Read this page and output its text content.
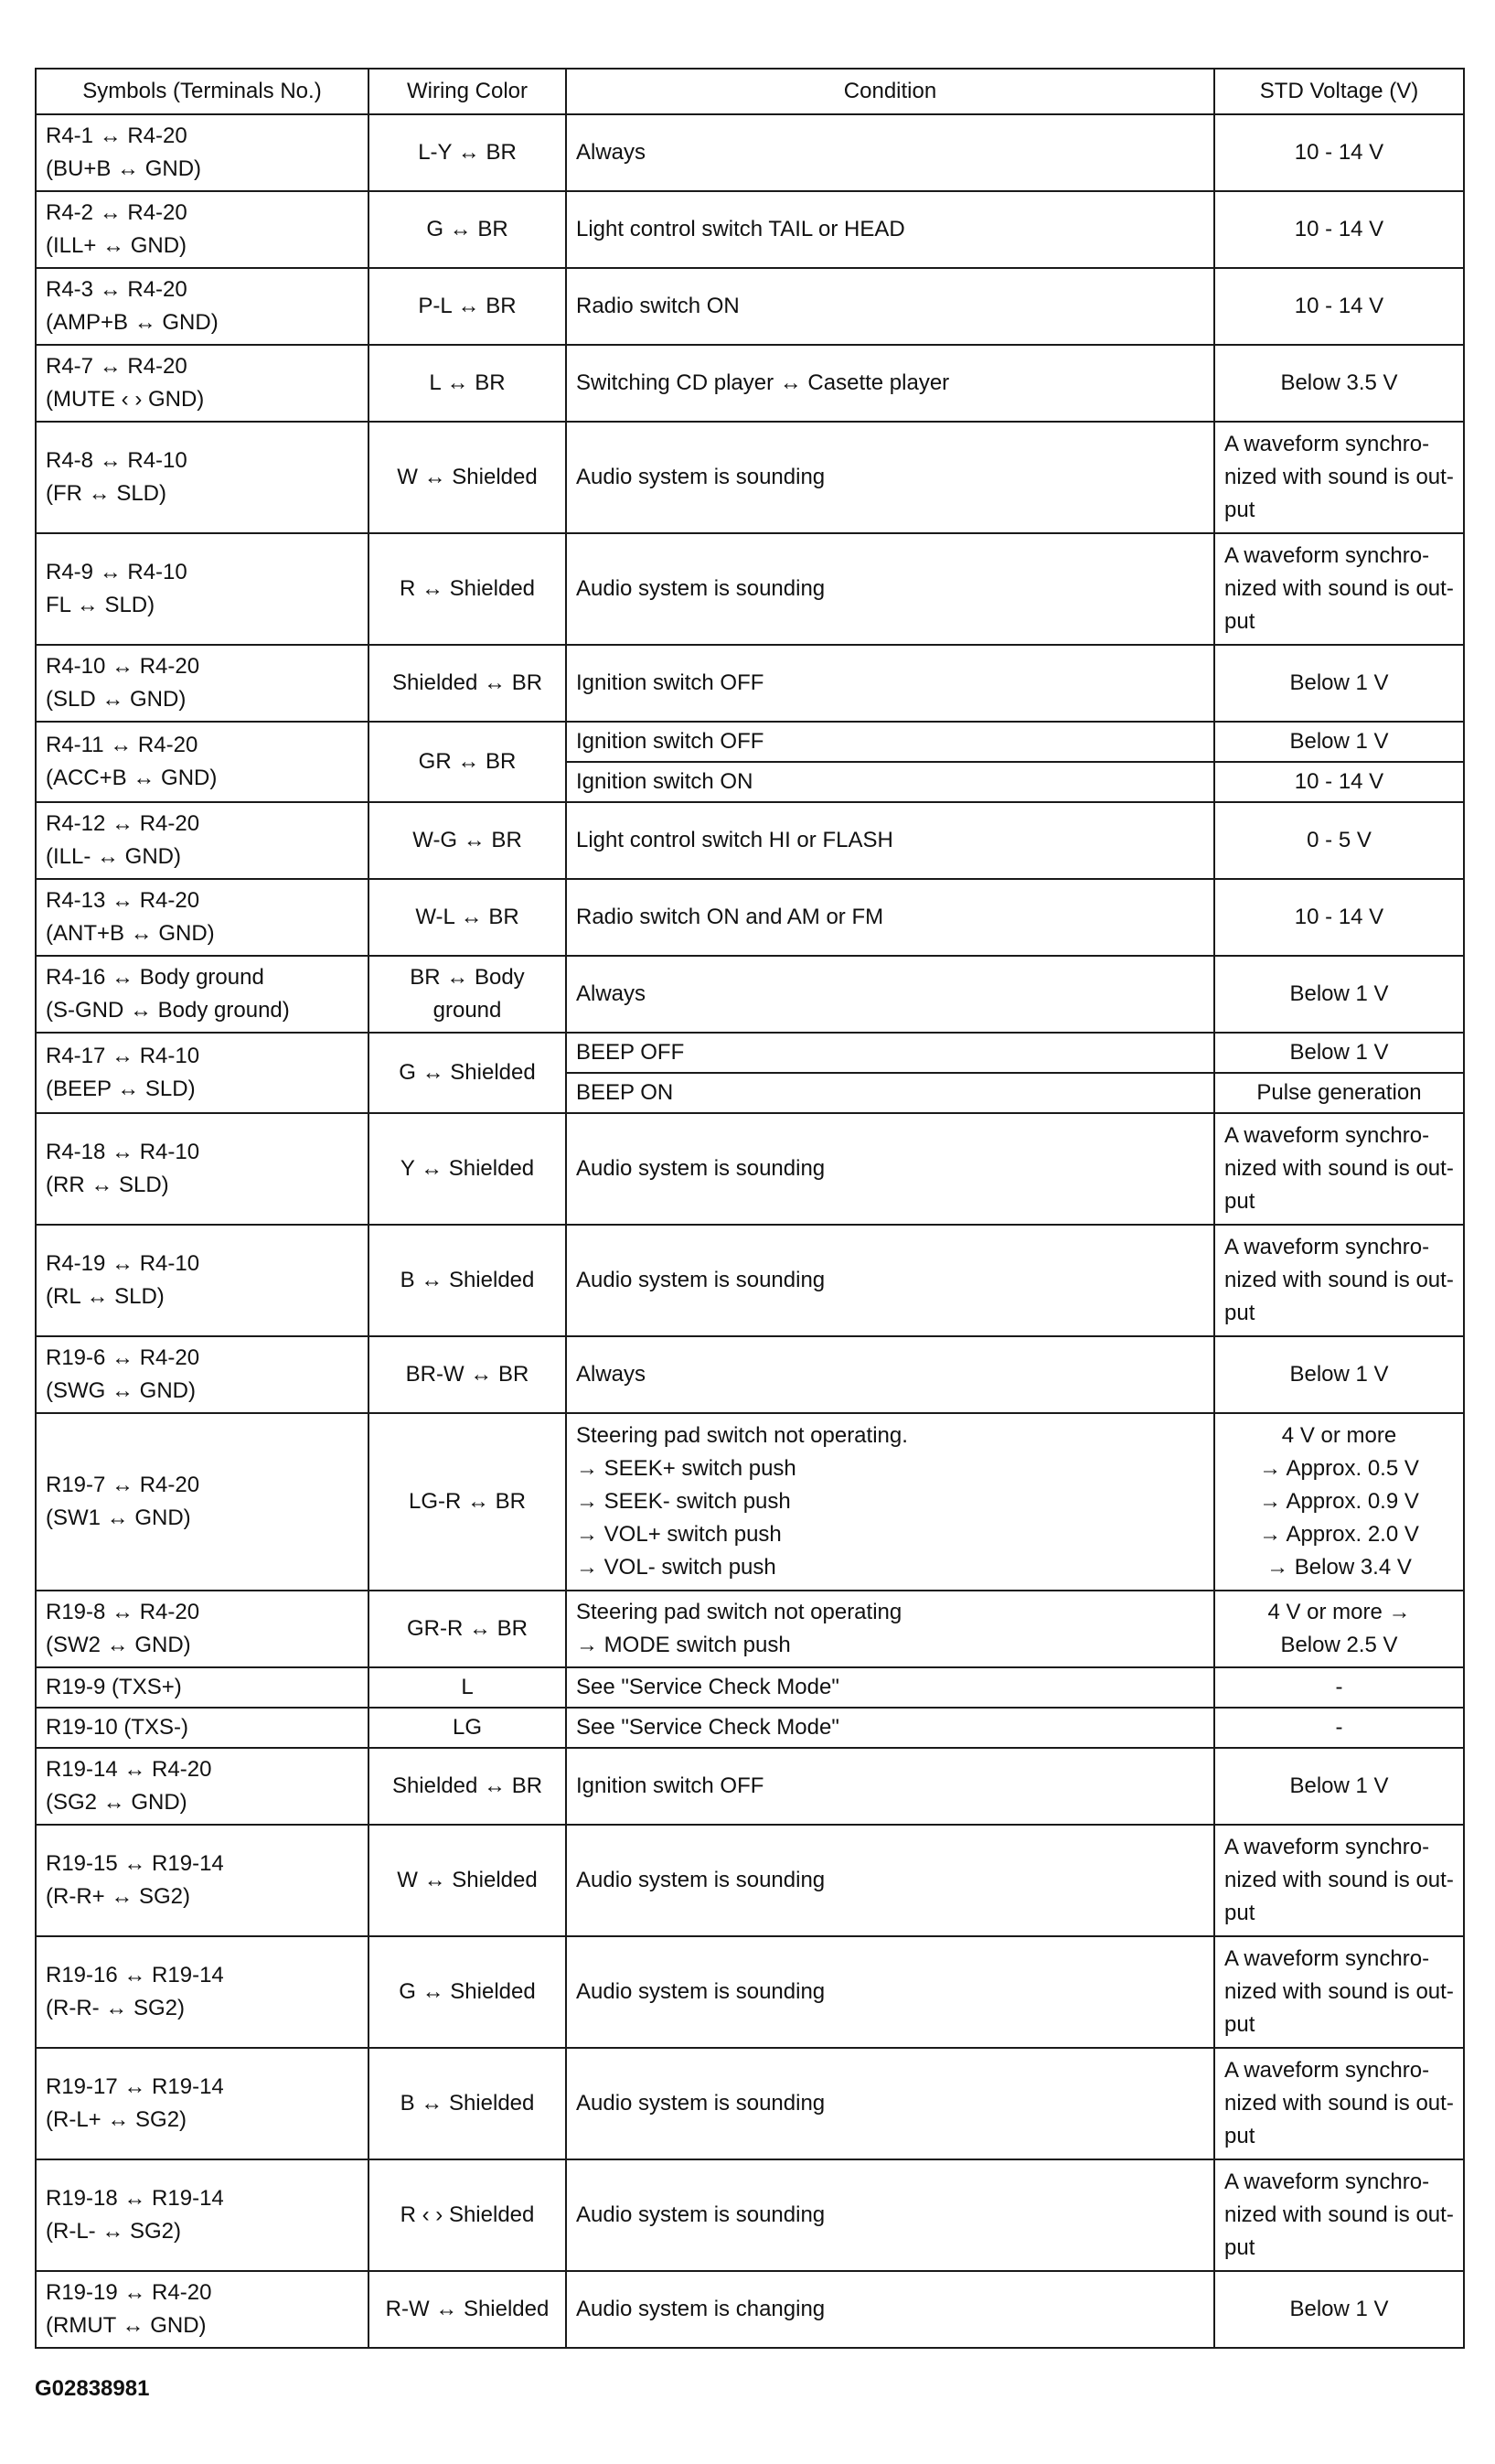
Symbols (Terminals No.)	Wiring Color	Condition	STD Voltage (V)

R4-1 ↔ R4-20
(BU+B ↔ GND)	L-Y ↔ BR	Always	10 - 14 V

R4-2 ↔ R4-20
(ILL+ ↔ GND)	G ↔ BR	Light control switch TAIL or HEAD	10 - 14 V

R4-3 ↔ R4-20
(AMP+B ↔ GND)	P-L ↔ BR	Radio switch ON	10 - 14 V

R4-7 ↔ R4-20
(MUTE ‹ › GND)	L ↔ BR	Switching CD player ↔ Casette player	Below 3.5 V

R4-8 ↔ R4-10
(FR ↔ SLD)	W ↔ Shielded	Audio system is sounding	A waveform synchro-
nized with sound is out-
put

R4-9 ↔ R4-10
FL ↔ SLD)	R ↔ Shielded	Audio system is sounding	A waveform synchro-
nized with sound is out-
put

R4-10 ↔ R4-20
(SLD ↔ GND)	Shielded ↔ BR	Ignition switch OFF	Below 1 V

R4-11 ↔ R4-20
(ACC+B ↔ GND)	GR ↔ BR	Ignition switch OFF	Below 1 V

		Ignition switch ON	10 - 14 V

R4-12 ↔ R4-20
(ILL- ↔ GND)	W-G ↔ BR	Light control switch HI or FLASH	0 - 5 V

R4-13 ↔ R4-20
(ANT+B ↔ GND)	W-L ↔ BR	Radio switch ON and AM or FM	10 - 14 V

R4-16 ↔ Body ground
(S-GND ↔ Body ground)	BR ↔ Body
ground	Always	Below 1 V

R4-17 ↔ R4-10
(BEEP ↔ SLD)	G ↔ Shielded	BEEP OFF	Below 1 V

		BEEP ON	Pulse generation

R4-18 ↔ R4-10
(RR ↔ SLD)	Y ↔ Shielded	Audio system is sounding	A waveform synchro-
nized with sound is out-
put

R4-19 ↔ R4-10
(RL ↔ SLD)	B ↔ Shielded	Audio system is sounding	A waveform synchro-
nized with sound is out-
put

R19-6 ↔ R4-20
(SWG ↔ GND)	BR-W ↔ BR	Always	Below 1 V

R19-7 ↔ R4-20
(SW1 ↔ GND)	LG-R ↔ BR	Steering pad switch not operating.
→ SEEK+ switch push
→ SEEK- switch push
→ VOL+ switch push
→ VOL- switch push	4 V or more
→ Approx. 0.5 V
→ Approx. 0.9 V
→ Approx. 2.0 V
→ Below 3.4 V

R19-8 ↔ R4-20
(SW2 ↔ GND)	GR-R ↔ BR	Steering pad switch not operating
→ MODE switch push	4 V or more →
Below 2.5 V

R19-9 (TXS+)	L	See "Service Check Mode"	-

R19-10 (TXS-)	LG	See "Service Check Mode"	-

R19-14 ↔ R4-20
(SG2 ↔ GND)	Shielded ↔ BR	Ignition switch OFF	Below 1 V

R19-15 ↔ R19-14
(R-R+ ↔ SG2)	W ↔ Shielded	Audio system is sounding	A waveform synchro-
nized with sound is out-
put

R19-16 ↔ R19-14
(R-R- ↔ SG2)	G ↔ Shielded	Audio system is sounding	A waveform synchro-
nized with sound is out-
put

R19-17 ↔ R19-14
(R-L+ ↔ SG2)	B ↔ Shielded	Audio system is sounding	A waveform synchro-
nized with sound is out-
put

R19-18 ↔ R19-14
(R-L- ↔ SG2)	R ‹ › Shielded	Audio system is sounding	A waveform synchro-
nized with sound is out-
put

R19-19 ↔ R4-20
(RMUT ↔ GND)	R-W ↔ Shielded	Audio system is changing	Below 1 V
G02838981
